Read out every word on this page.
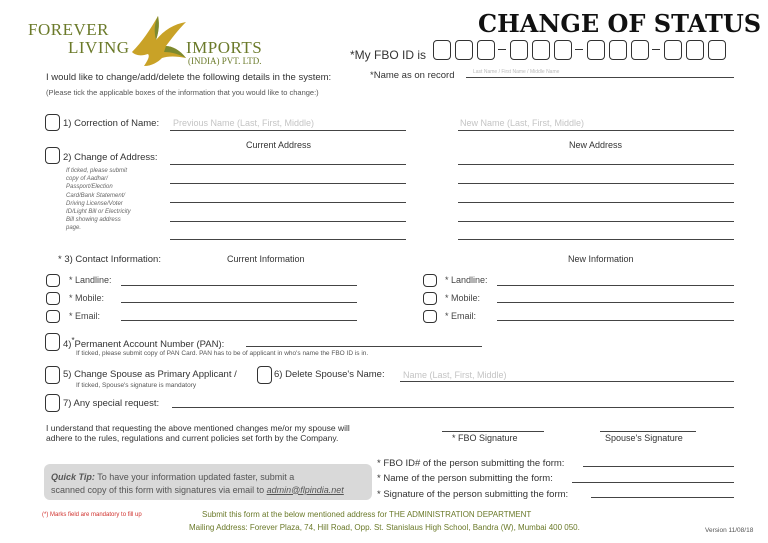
FOREVER
LIVING	IMPORTS
(INDIA) PVT. LTD.
CHANGE OF STATUS
*My FBO ID is
I would like to change/add/delete the following details in the system:
(Please tick the applicable boxes of the information that you would like to change:)
*Name as on record	Last Name / First Name / Middle Name
1) Correction of Name: Previous Name (Last, First, Middle)	New Name (Last, First, Middle)
Current Address	New Address
2) Change of Address:
If ticked, please submit
copy of Aadhar/
Passport/Election
Card/Bank Statement/
Driving License/Voter
ID/Light Bill or Electricity
Bill showing address
page.
* 3) Contact Information:	Current Information	New Information
* Landline:
* Mobile:
* Email:
* Landline:
* Mobile:
* Email:
4)*Permanent Account Number (PAN):
If ticked, please submit copy of PAN Card. PAN has to be of applicant in who's name the FBO ID is in.
5) Change Spouse as Primary Applicant /
If ticked, Spouse's signature is mandatory
6) Delete Spouse's Name: Name (Last, First, Middle)
7) Any special request:
I understand that requesting the above mentioned changes me/or my spouse will adhere to the rules, regulations and current policies set forth by the Company.	* FBO Signature	Spouse's Signature
Quick Tip: To have your information updated faster, submit a
scanned copy of this form with signatures via email to admin@flpindia.net
* FBO ID# of the person submitting the form:
* Name of the person submitting the form:
* Signature of the person submitting the form:
(*) Marks field are mandatory to fill up	Submit this form at the below mentioned address for THE ADMINISTRATION DEPARTMENT
Mailing Address: Forever Plaza, 74, Hill Road, Opp. St. Stanislaus High School, Bandra (W), Mumbai 400 050.	Version 11/08/18
